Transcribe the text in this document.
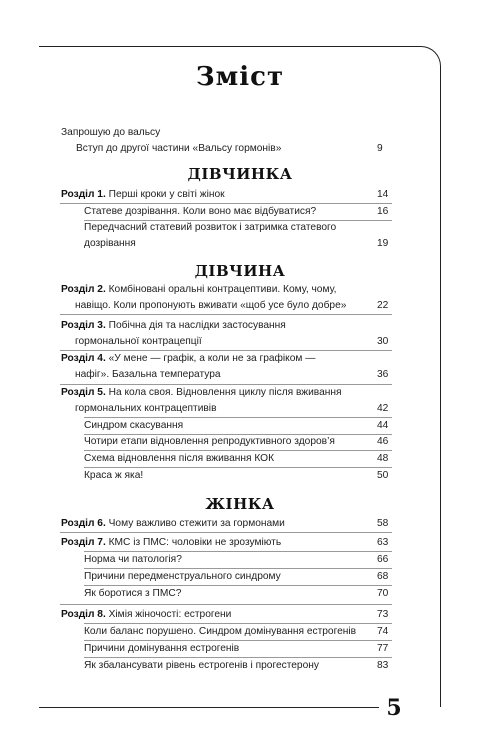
5
Зміст
Запрошую до вальсу
Вступ до другої частини «Вальсу гормонів»	9
ДІВЧИНКА
Розділ 1. Перші кроки у світі жінок	14
Статеве дозрівання. Коли воно має відбуватися?	16
Передчасний статевий розвиток і затримка статевого
дозрівання	19
ДІВЧИНА
Розділ 2. Комбіновані оральні контрацептиви. Кому, чому,
навіщо. Коли пропонують вживати «щоб усе було добре»	22
Розділ 3. Побічна дія та наслідки застосування
гормональної контрацепції	30
Розділ 4. «У мене — графік, а коли не за графіком —
нафіг». Базальна температура	36
Розділ 5. На кола своя. Відновлення циклу після вживання
гормональних контрацептивів	42
Синдром скасування	44
Чотири етапи відновлення репродуктивного здоров’я	46
Схема відновлення після вживання КОК	48
Краса ж яка!	50
ЖІНКА
Розділ 6. Чому важливо стежити за гормонами	58
Розділ 7. КМС із ПМС: чоловіки не зрозуміють	63
Норма чи патологія?	66
Причини передменструального синдрому	68
Як боротися з ПМС?	70
Розділ 8. Хімія жіночості: естрогени	73
Коли баланс порушено. Синдром домінування естрогенів 74
Причини домінування естрогенів	77
Як збалансувати рівень естрогенів і прогестерону	83
